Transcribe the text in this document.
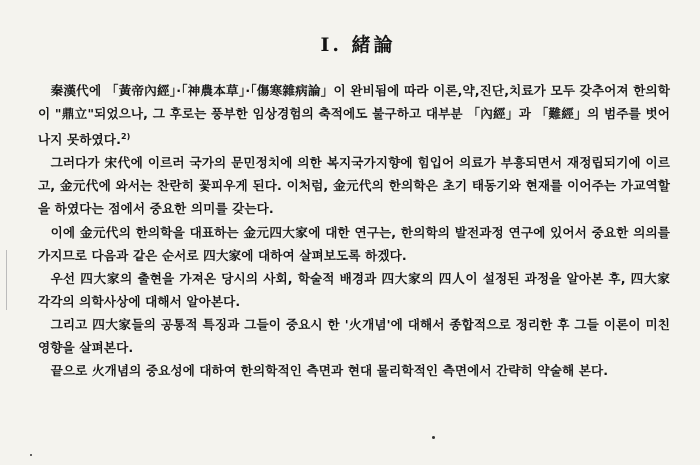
Ⅰ. 緒論

秦漢代에 「黃帝內經」·「神農本草」·「傷寒雜病論」이 완비됨에 따라 이론,약,진단,치료가 모두 갖추어져 한의학이 "鼎立"되었으나, 그 후로는 풍부한 임상경험의 축적에도 불구하고 대부분 「內經」과 「難經」의 범주를 벗어나지 못하였다.$^{2)}$

그러다가 宋代에 이르러 국가의 문민정치에 의한 복지국가지향에 힘입어 의료가 부흥되면서 재정립되기에 이르고, 金元代에 와서는 찬란히 꽃피우게 된다. 이처럼, 金元代의 한의학은 초기 태동기와 현재를 이어주는 가교역할을 하였다는 점에서 중요한 의미를 갖는다.

이에 金元代의 한의학을 대표하는 金元四大家에 대한 연구는, 한의학의 발전과정 연구에 있어서 중요한 의의를 가지므로 다음과 같은 순서로 四大家에 대하여 살펴보도록 하겠다.

우선 四大家의 출현을 가져온 당시의 사회, 학술적 배경과 四大家의 四人이 설정된 과정을 알아본 후, 四大家 각각의 의학사상에 대해서 알아본다.

그리고 四大家들의 공통적 특징과 그들이 중요시 한 '火개념'에 대해서 종합적으로 정리한 후 그들 이론이 미친영향을 살펴본다.

끝으로 火개념의 중요성에 대하여 한의학적인 측면과 현대 물리학적인 측면에서 간략히 약술해 본다.
